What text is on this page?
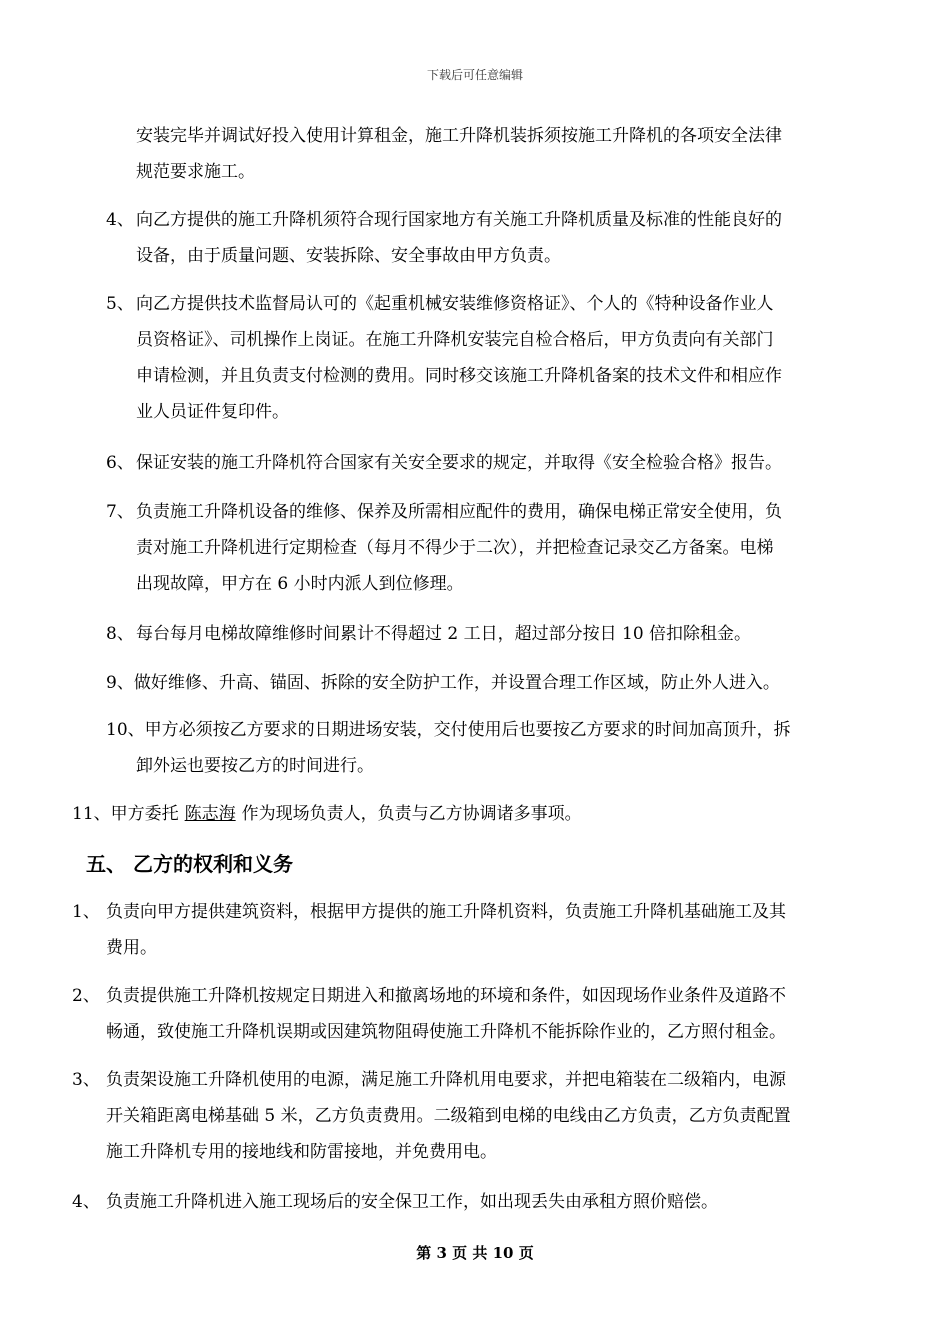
下载后可任意编辑
安装完毕并调试好投入使用计算租金，施工升降机装拆须按施工升降机的各项安全法律
规范要求施工。
4、 向乙方提供的施工升降机须符合现行国家地方有关施工升降机质量及标准的性能良好的
设备，由于质量问题、安装拆除、安全事故由甲方负责。
5、 向乙方提供技术监督局认可的《起重机械安装维修资格证》、个人的《特种设备作业人
员资格证》、司机操作上岗证。在施工升降机安装完自检合格后，甲方负责向有关部门
申请检测，并且负责支付检测的费用。同时移交该施工升降机备案的技术文件和相应作
业人员证件复印件。
6、 保证安装的施工升降机符合国家有关安全要求的规定，并取得《安全检验合格》报告。
7、 负责施工升降机设备的维修、保养及所需相应配件的费用，确保电梯正常安全使用，负
责对施工升降机进行定期检查（每月不得少于二次），并把检查记录交乙方备案。电梯
出现故障，甲方在 6 小时内派人到位修理。
8、 每台每月电梯故障维修时间累计不得超过 2 工日，超过部分按日 10 倍扣除租金。
9、做好维修、升高、锚固、拆除的安全防护工作，并设置合理工作区域，防止外人进入。
10、甲方必须按乙方要求的日期进场安装，交付使用后也要按乙方要求的时间加高顶升，拆
卸外运也要按乙方的时间进行。
11、甲方委托 陈志海 作为现场负责人，负责与乙方协调诸多事项。
五、 乙方的权利和义务
1、 负责向甲方提供建筑资料，根据甲方提供的施工升降机资料，负责施工升降机基础施工及其
费用。
2、 负责提供施工升降机按规定日期进入和撤离场地的环境和条件，如因现场作业条件及道路不
畅通，致使施工升降机误期或因建筑物阻碍使施工升降机不能拆除作业的，乙方照付租金。
3、 负责架设施工升降机使用的电源，满足施工升降机用电要求，并把电箱装在二级箱内，电源
开关箱距离电梯基础 5 米，乙方负责费用。二级箱到电梯的电线由乙方负责，乙方负责配置
施工升降机专用的接地线和防雷接地，并免费用电。
4、 负责施工升降机进入施工现场后的安全保卫工作，如出现丢失由承租方照价赔偿。
第 3 页 共 10 页
